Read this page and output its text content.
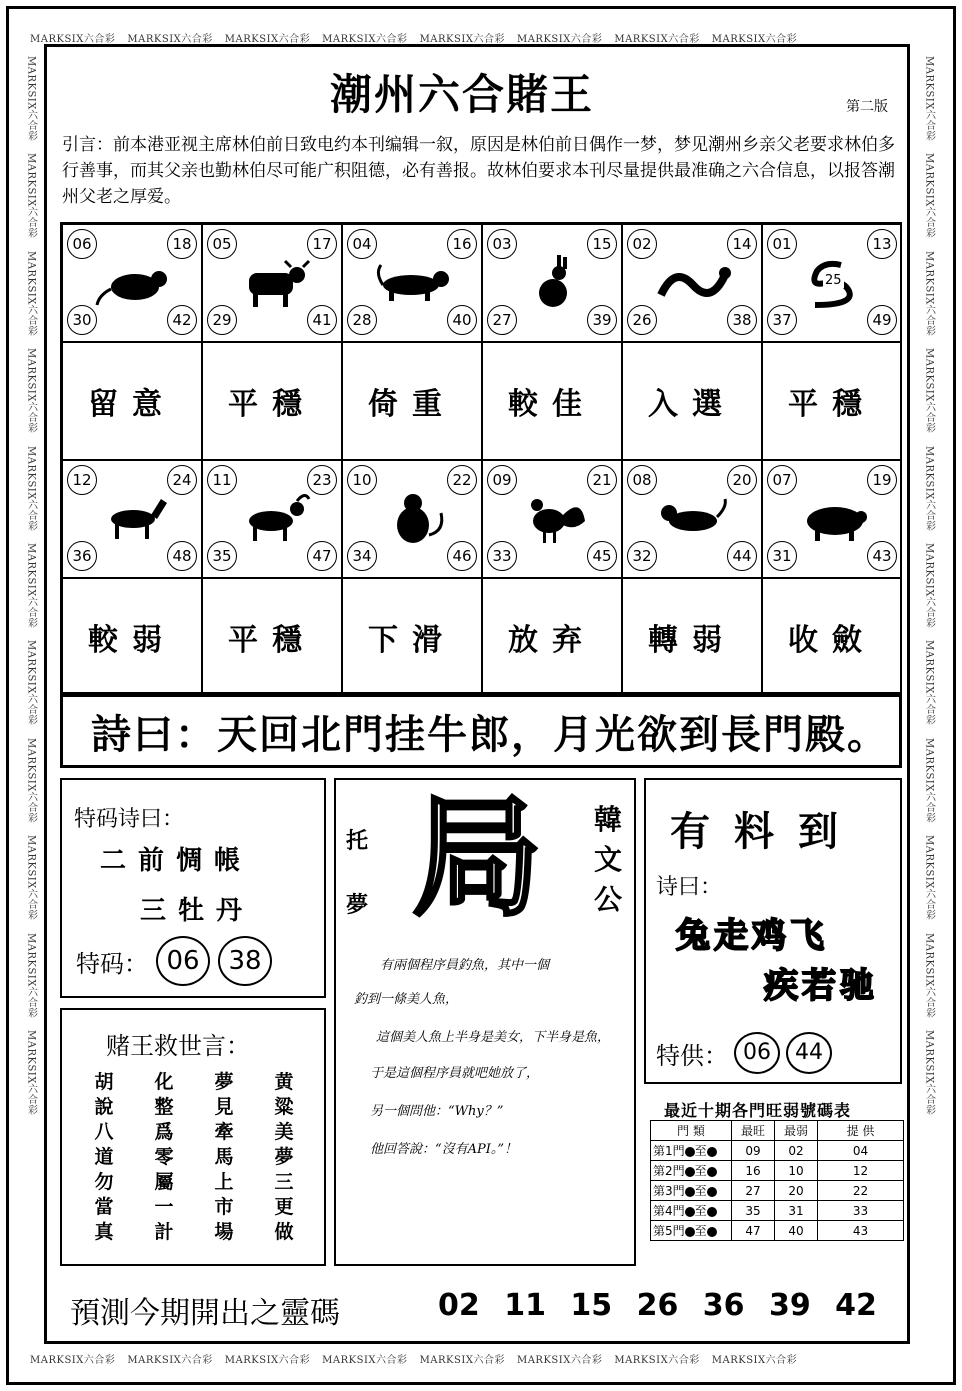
MARKSIX六合彩 MARKSIX六合彩 MARKSIX六合彩 MARKSIX六合彩 MARKSIX六合彩 MARKSIX六合彩 MARKSIX六合彩 MARKSIX六合彩
MARKSIX六合彩 MARKSIX六合彩 MARKSIX六合彩 MARKSIX六合彩 MARKSIX六合彩 MARKSIX六合彩 MARKSIX六合彩 MARKSIX六合彩
MARKSIX六合彩
MARKSIX六合彩
MARKSIX六合彩
MARKSIX六合彩
MARKSIX六合彩
MARKSIX六合彩
MARKSIX六合彩
MARKSIX六合彩
MARKSIX六合彩
MARKSIX六合彩
MARKSIX六合彩
MARKSIX六合彩
MARKSIX六合彩
MARKSIX六合彩
MARKSIX六合彩
MARKSIX六合彩
MARKSIX六合彩
MARKSIX六合彩
MARKSIX六合彩
MARKSIX六合彩
MARKSIX六合彩
MARKSIX六合彩
潮州六合賭王	第二版
引言：前本港亚视主席林伯前日致电约本刊编辑一叙，原因是林伯前日偶作一梦，梦见潮州乡亲父老要求林伯多行善事，而其父亲也勤林伯尽可能广积阻德，必有善报。故林伯要求本刊尽量提供最准确之六合信息，以报答潮州父老之厚爱。
06	18
30	42
留意
05	17
29	41
平穩
04	16
28	40
倚重
03	15
27	39
較佳
02	14
26	38
入選
01	13
37	49
25
平穩
12	24
36	48
較弱
11	23
35	47
平穩
10	22
34	46
下滑
09	21
33	45
放弃
08	20
32	44
轉弱
07	19
31	43
收斂
詩曰：天回北門挂牛郎，月光欲到長門殿。
特码诗曰：
二前惆帳
三牡丹
特码： 06	38
赌王救世言：
胡說八道勿當真
化整爲零屬一計
夢見牽馬上市場
黄粱美夢三更做
托
夢 局 韓
文
公
有兩個程序員釣魚，其中一個
釣到一條美人魚，
這個美人魚上半身是美女，下半身是魚，
于是這個程序員就吧她放了，
另一個問他：“Why？”
他回答說：“沒有API。”！
有料到
诗曰：
兔走鸡飞
疾若驰
特供： 06	44
最近十期各門旺弱號碼表
門 類	最旺	最弱	提 供
第1門 至	09	02	04
第2門 至	16	10	12
第3門 至	27	20	22
第4門 至	35	31	33
第5門 至	47	40	43
預測今期開出之靈碼	02 11 15 26 36 39 42
